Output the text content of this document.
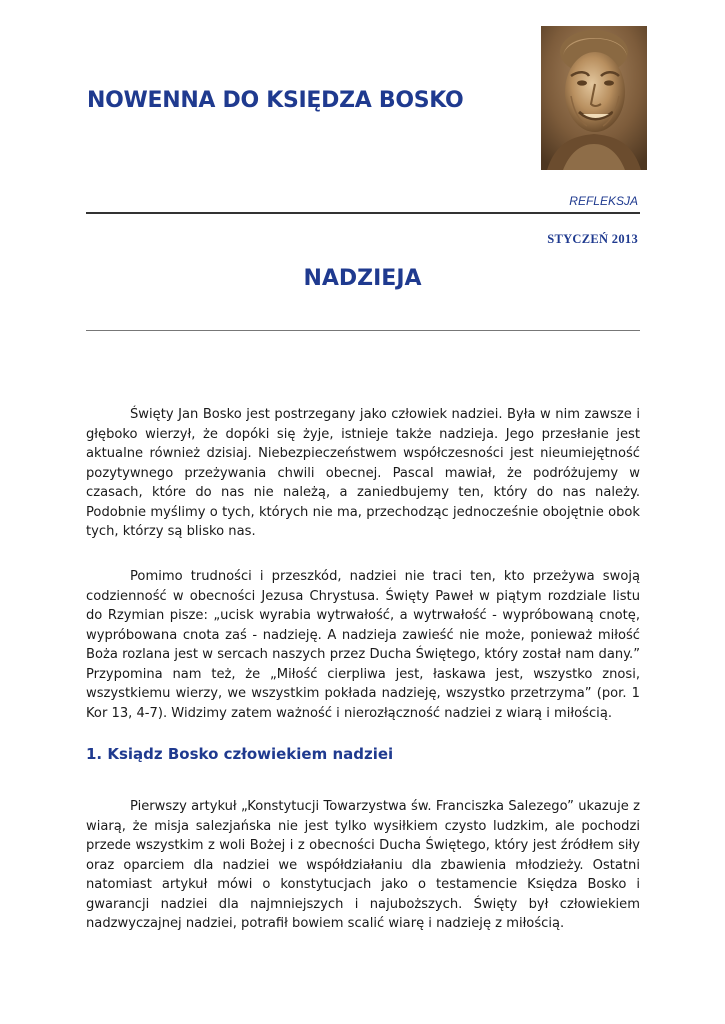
NOWENNA DO KSIĘDZA BOSKO
REFLEKSJA
STYCZEŃ 2013
NADZIEJA

Święty Jan Bosko jest postrzegany jako człowiek nadziei. Była w nim zawsze i głęboko wierzył, że dopóki się żyje, istnieje także nadzieja. Jego przesłanie jest aktualne również dzisiaj. Niebezpieczeństwem współczesności jest nieumiejętność pozytywnego przeżywania chwili obecnej. Pascal mawiał, że podróżujemy w czasach, które do nas nie należą, a zaniedbujemy ten, który do nas należy. Podobnie myślimy o tych, których nie ma, przechodząc jednocześnie obojętnie obok tych, którzy są blisko nas.

Pomimo trudności i przeszkód, nadziei nie traci ten, kto przeżywa swoją codzienność w obecności Jezusa Chrystusa. Święty Paweł w piątym rozdziale listu do Rzymian pisze: „ucisk wyrabia wytrwałość, a wytrwałość - wypróbowaną cnotę, wypróbowana cnota zaś - nadzieję. A nadzieja zawieść nie może, ponieważ miłość Boża rozlana jest w sercach naszych przez Ducha Świętego, który został nam dany.” Przypomina nam też, że „Miłość cierpliwa jest, łaskawa jest, wszystko znosi, wszystkiemu wierzy, we wszystkim pokłada nadzieję, wszystko przetrzyma” (por. 1 Kor 13, 4-7). Widzimy zatem ważność i nierozłączność nadziei z wiarą i miłością.

1. Ksiądz Bosko człowiekiem nadziei

Pierwszy artykuł „Konstytucji Towarzystwa św. Franciszka Salezego” ukazuje z wiarą, że misja salezjańska nie jest tylko wysiłkiem czysto ludzkim, ale pochodzi przede wszystkim z woli Bożej i z obecności Ducha Świętego, który jest źródłem siły oraz oparciem dla nadziei we współdziałaniu dla zbawienia młodzieży. Ostatni natomiast artykuł mówi o konstytucjach jako o testamencie Księdza Bosko i gwarancji nadziei dla najmniejszych i najuboższych. Święty był człowiekiem nadzwyczajnej nadziei, potrafił bowiem scalić wiarę i nadzieję z miłością.
